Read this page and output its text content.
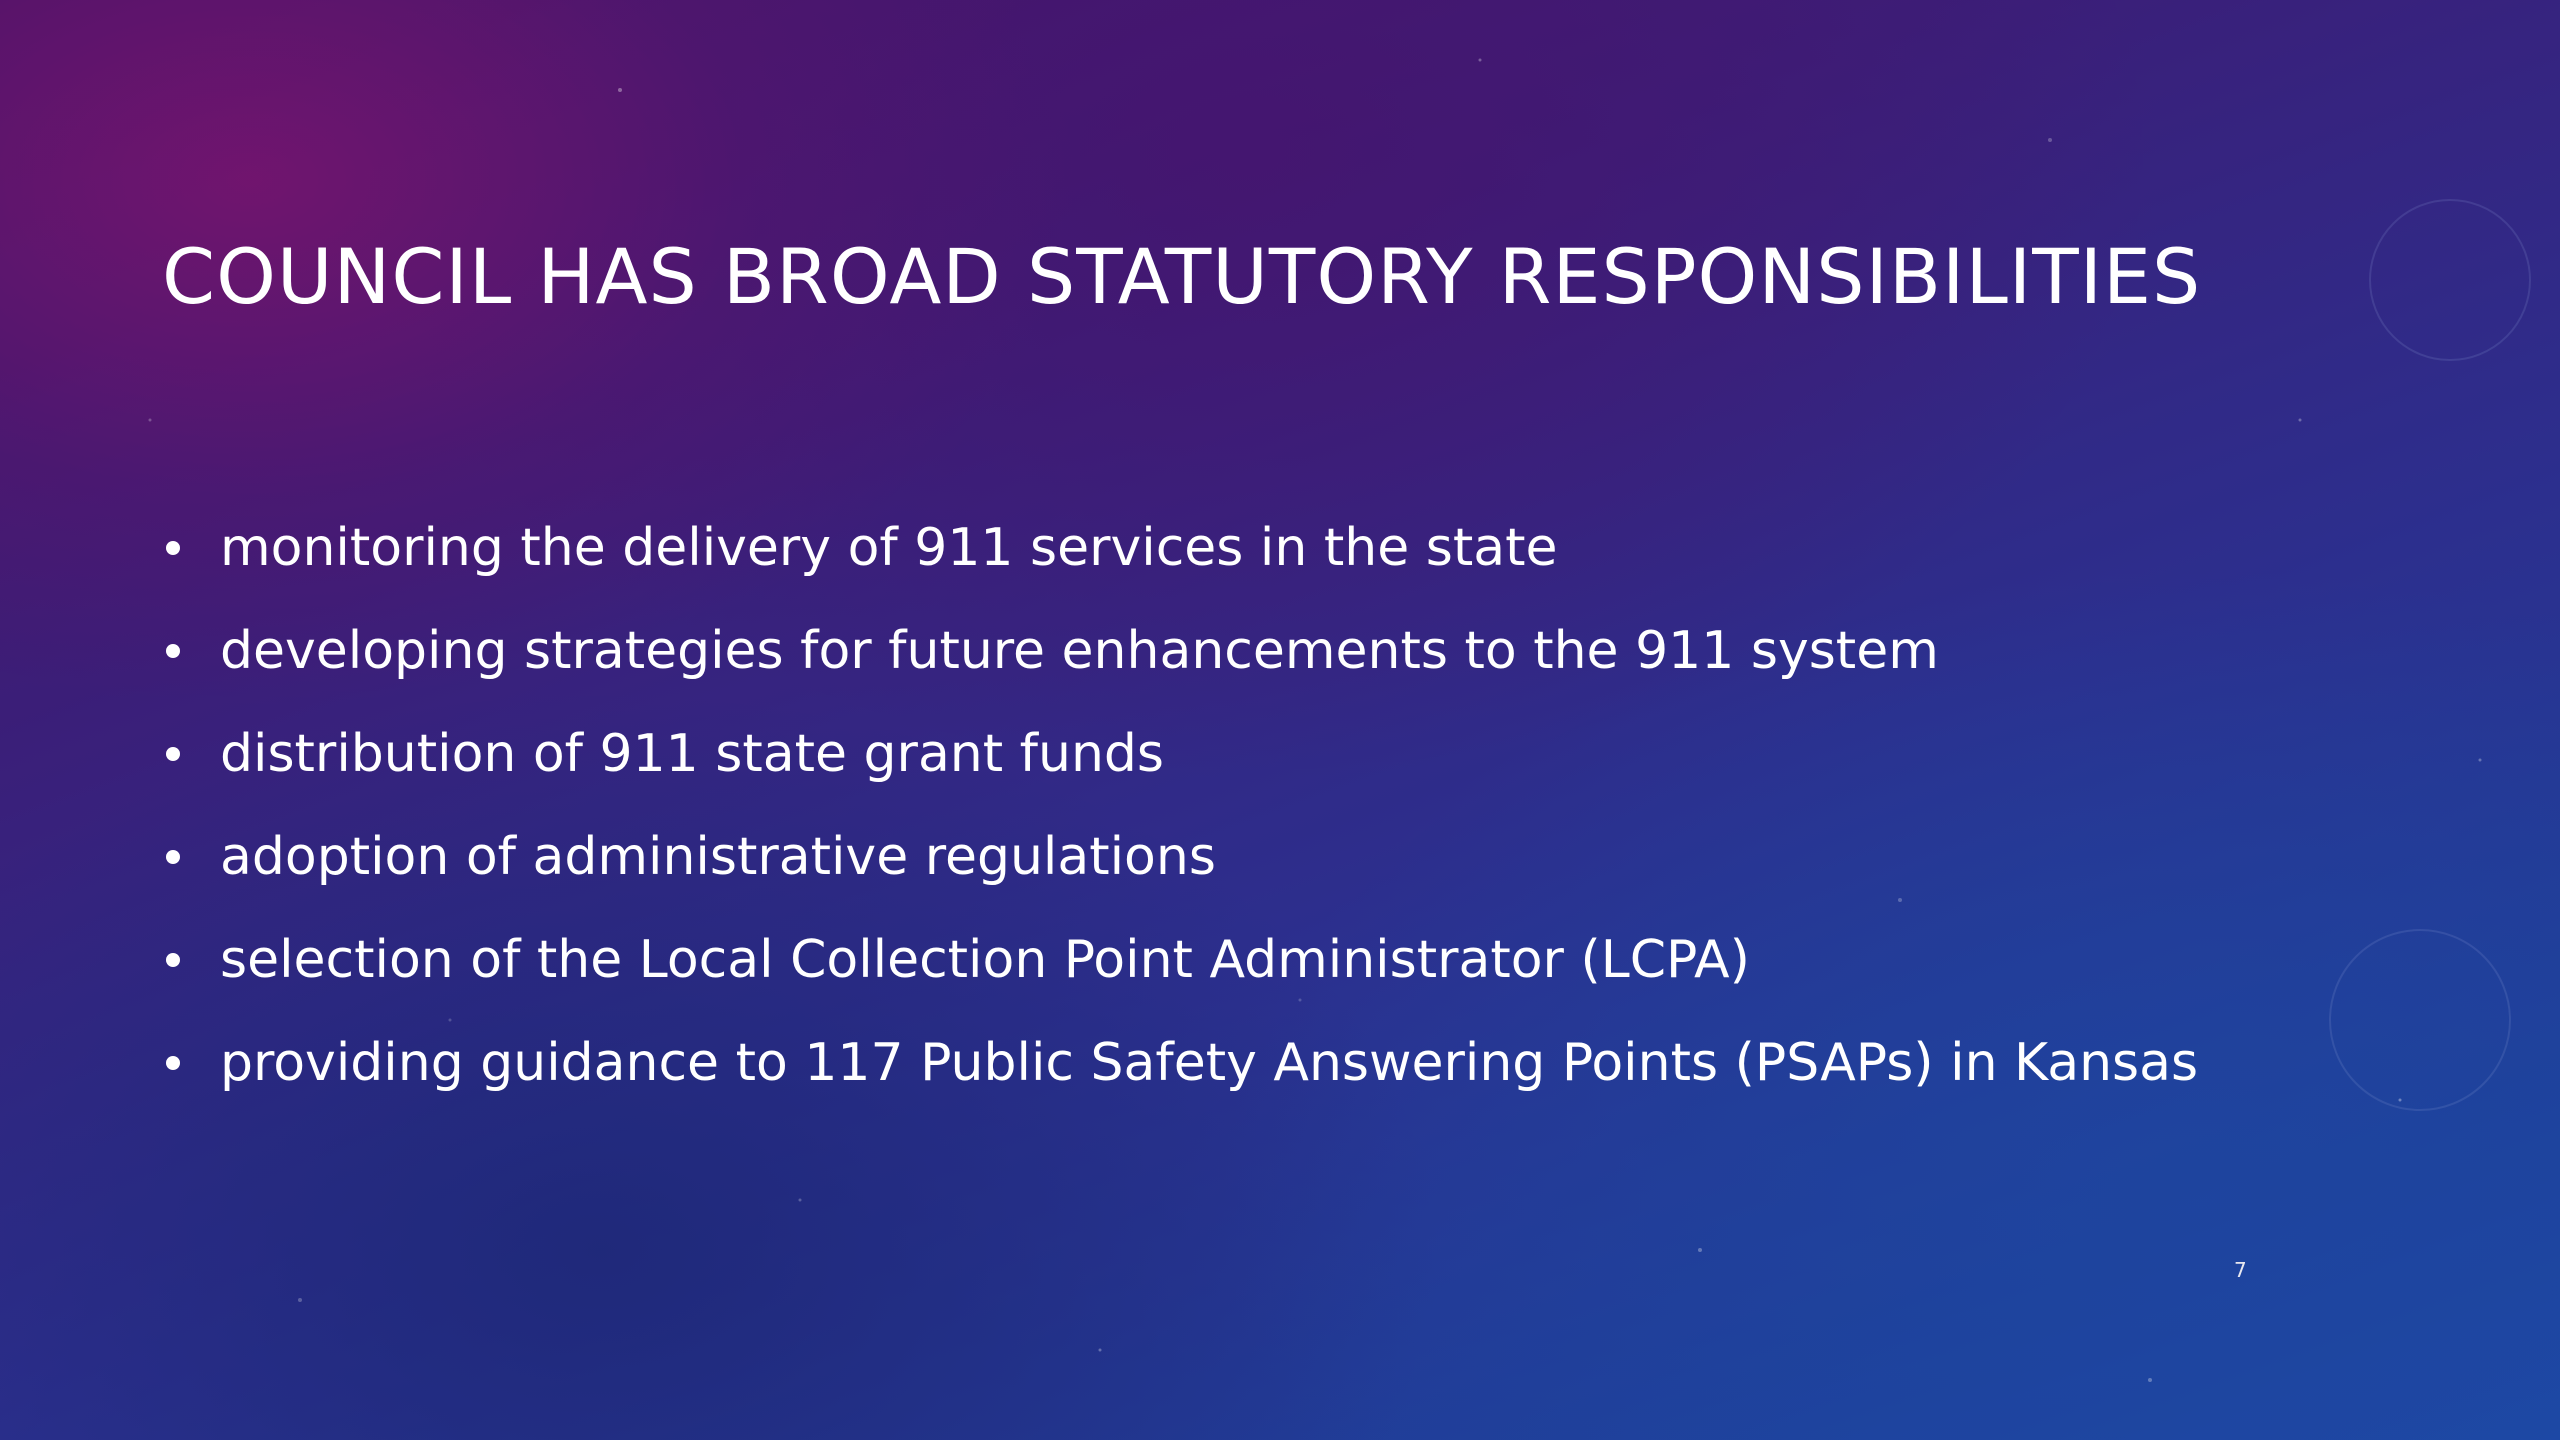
COUNCIL HAS BROAD STATUTORY RESPONSIBILITIES
monitoring the delivery of 911 services in the state
developing strategies for future enhancements to the 911 system
distribution of 911 state grant funds
adoption of administrative regulations
selection of the Local Collection Point Administrator (LCPA)
providing guidance to 117 Public Safety Answering Points (PSAPs) in Kansas
7
